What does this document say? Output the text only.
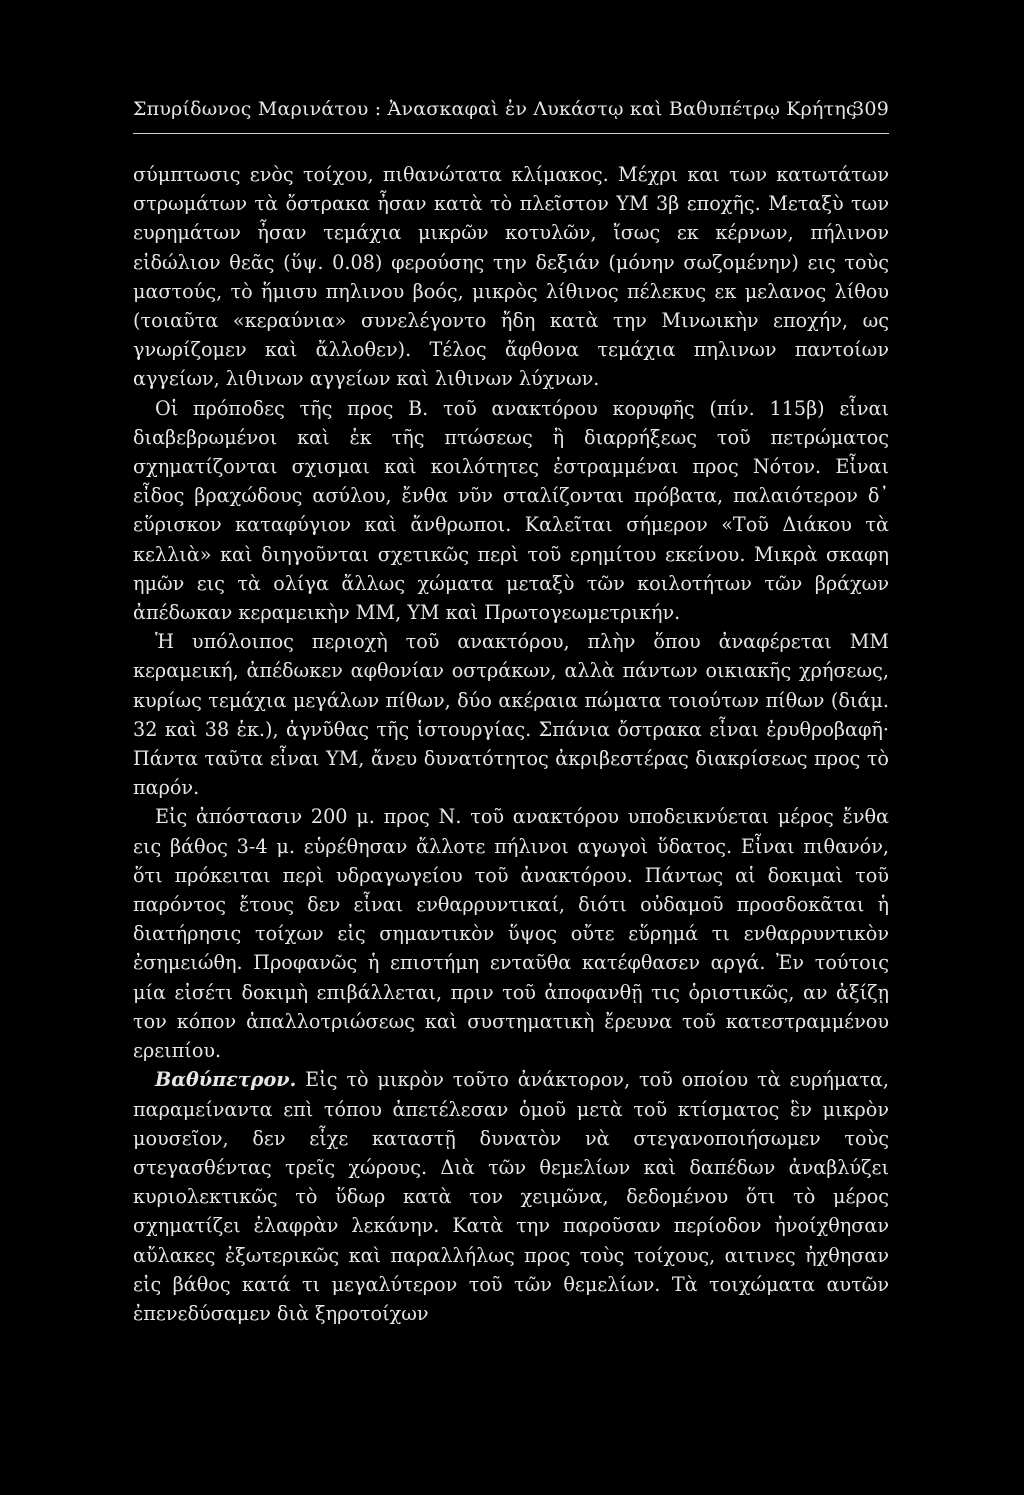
Σπυρίδωνος Μαρινάτου : Ἀνασκαφαὶ ἐν Λυκάστῳ καὶ Βαθυπέτρῳ Κρήτης
309

σύμπτωσις ενὸς τοίχου, πιθανώτατα κλίμακος. Μέχρι και των κατωτάτων στρωμάτων τὰ ὄστρακα ἦσαν κατὰ τὸ πλεῖστον ΥΜ 3β εποχῆς. Μεταξὺ των ευρημάτων ἦσαν τεμάχια μικρῶν κοτυλῶν, ἴσως εκ κέρνων, πήλινον εἰδώλιον θεᾶς (ὕψ. 0.08) φερούσης την δεξιάν (μόνην σωζομένην) εις τοὺς μαστούς, τὸ ἥμισυ πηλινου βοός, μικρὸς λίθινος πέλεκυς εκ μελανος λίθου (τοιαῦτα «κεραύνια» συνελέγοντο ἤδη κατὰ την Μινωικὴν εποχήν, ως γνωρίζομεν καὶ ἄλλοθεν). Τέλος ἄφθονα τεμάχια πηλινων παντοίων αγγείων, λιθινων αγγείων καὶ λιθινων λύχνων.

Οἱ πρόποδες τῆς προς Β. τοῦ ανακτόρου κορυφῆς (πίν. 115β) εἶναι διαβεβρωμένοι καὶ ἐκ τῆς πτώσεως ἢ διαρρήξεως τοῦ πετρώματος σχηματίζονται σχισμαι καὶ κοιλότητες ἐστραμμέναι προς Νότον. Εἶναι εἶδος βραχώδους ασύλου, ἔνθα νῦν σταλίζονται πρόβατα, παλαιότερον δ᾿ εὕρισκον καταφύγιον καὶ ἄνθρωποι. Καλεῖται σήμερον «Τοῦ Διάκου τὰ κελλιὰ» καὶ διηγοῦνται σχετικῶς περὶ τοῦ ερημίτου εκείνου. Μικρὰ σκαφη ημῶν εις τὰ ολίγα ἄλλως χώματα μεταξὺ τῶν κοιλοτήτων τῶν βράχων ἀπέδωκαν κεραμεικὴν ΜΜ, ΥΜ καὶ Πρωτογεωμετρικήν.

Ἡ υπόλοιπος περιοχὴ τοῦ ανακτόρου, πλὴν ὅπου ἀναφέρεται ΜΜ κεραμεική, ἀπέδωκεν αφθονίαν οστράκων, αλλὰ πάντων οικιακῆς χρήσεως, κυρίως τεμάχια μεγάλων πίθων, δύο ακέραια πώματα τοιούτων πίθων (διάμ. 32 καὶ 38 ἑκ.), ἀγνῦθας τῆς ἱστουργίας. Σπάνια ὄστρακα εἶναι ἐρυθροβαφῆ· Πάντα ταῦτα εἶναι ΥΜ, ἄνευ δυνατότητος ἀκριβεστέρας διακρίσεως προς τὸ παρόν.

Εἰς ἀπόστασιν 200 μ. προς Ν. τοῦ ανακτόρου υποδεικνύεται μέρος ἔνθα εις βάθος 3-4 μ. εὑρέθησαν ἄλλοτε πήλινοι αγωγοὶ ὕδατος. Εἶναι πιθανόν, ὅτι πρόκειται περὶ υδραγωγείου τοῦ ἀνακτόρου. Πάντως αἱ δοκιμαὶ τοῦ παρόντος ἔτους δεν εἶναι ενθαρρυντικαί, διότι οὐδαμοῦ προσδοκᾶται ἡ διατήρησις τοίχων εἰς σημαντικὸν ὕψος οὔτε εὕρημά τι ενθαρρυντικὸν ἐσημειώθη. Προφανῶς ἡ επιστήμη ενταῦθα κατέφθασεν αργά. Ἐν τούτοις μία εἰσέτι δοκιμὴ επιβάλλεται, πριν τοῦ ἀποφανθῇ τις ὁριστικῶς, αν ἀξίζῃ τον κόπον ἀπαλλοτριώσεως καὶ συστηματικὴ ἔρευνα τοῦ κατεστραμμένου ερειπίου.

Βαθύπετρον. Εἰς τὸ μικρὸν τοῦτο ἀνάκτορον, τοῦ οποίου τὰ ευρήματα, παραμείναντα επὶ τόπου ἀπετέλεσαν ὁμοῦ μετὰ τοῦ κτίσματος ἓν μικρὸν μουσεῖον, δεν εἶχε καταστῇ δυνατὸν νὰ στεγανοποιήσωμεν τοὺς στεγασθέντας τρεῖς χώρους. Διὰ τῶν θεμελίων καὶ δαπέδων ἀναβλύζει κυριολεκτικῶς τὸ ὕδωρ κατὰ τον χειμῶνα, δεδομένου ὅτι τὸ μέρος σχηματίζει ἐλαφρὰν λεκάνην. Κατὰ την παροῦσαν περίοδον ἠνοίχθησαν αὔλακες ἐξωτερικῶς καὶ παραλλήλως προς τοὺς τοίχους, αιτινες ἠχθησαν εἰς βάθος κατά τι μεγαλύτερον τοῦ τῶν θεμελίων. Τὰ τοιχώματα αυτῶν ἐπενεδύσαμεν διὰ ξηροτοίχων
